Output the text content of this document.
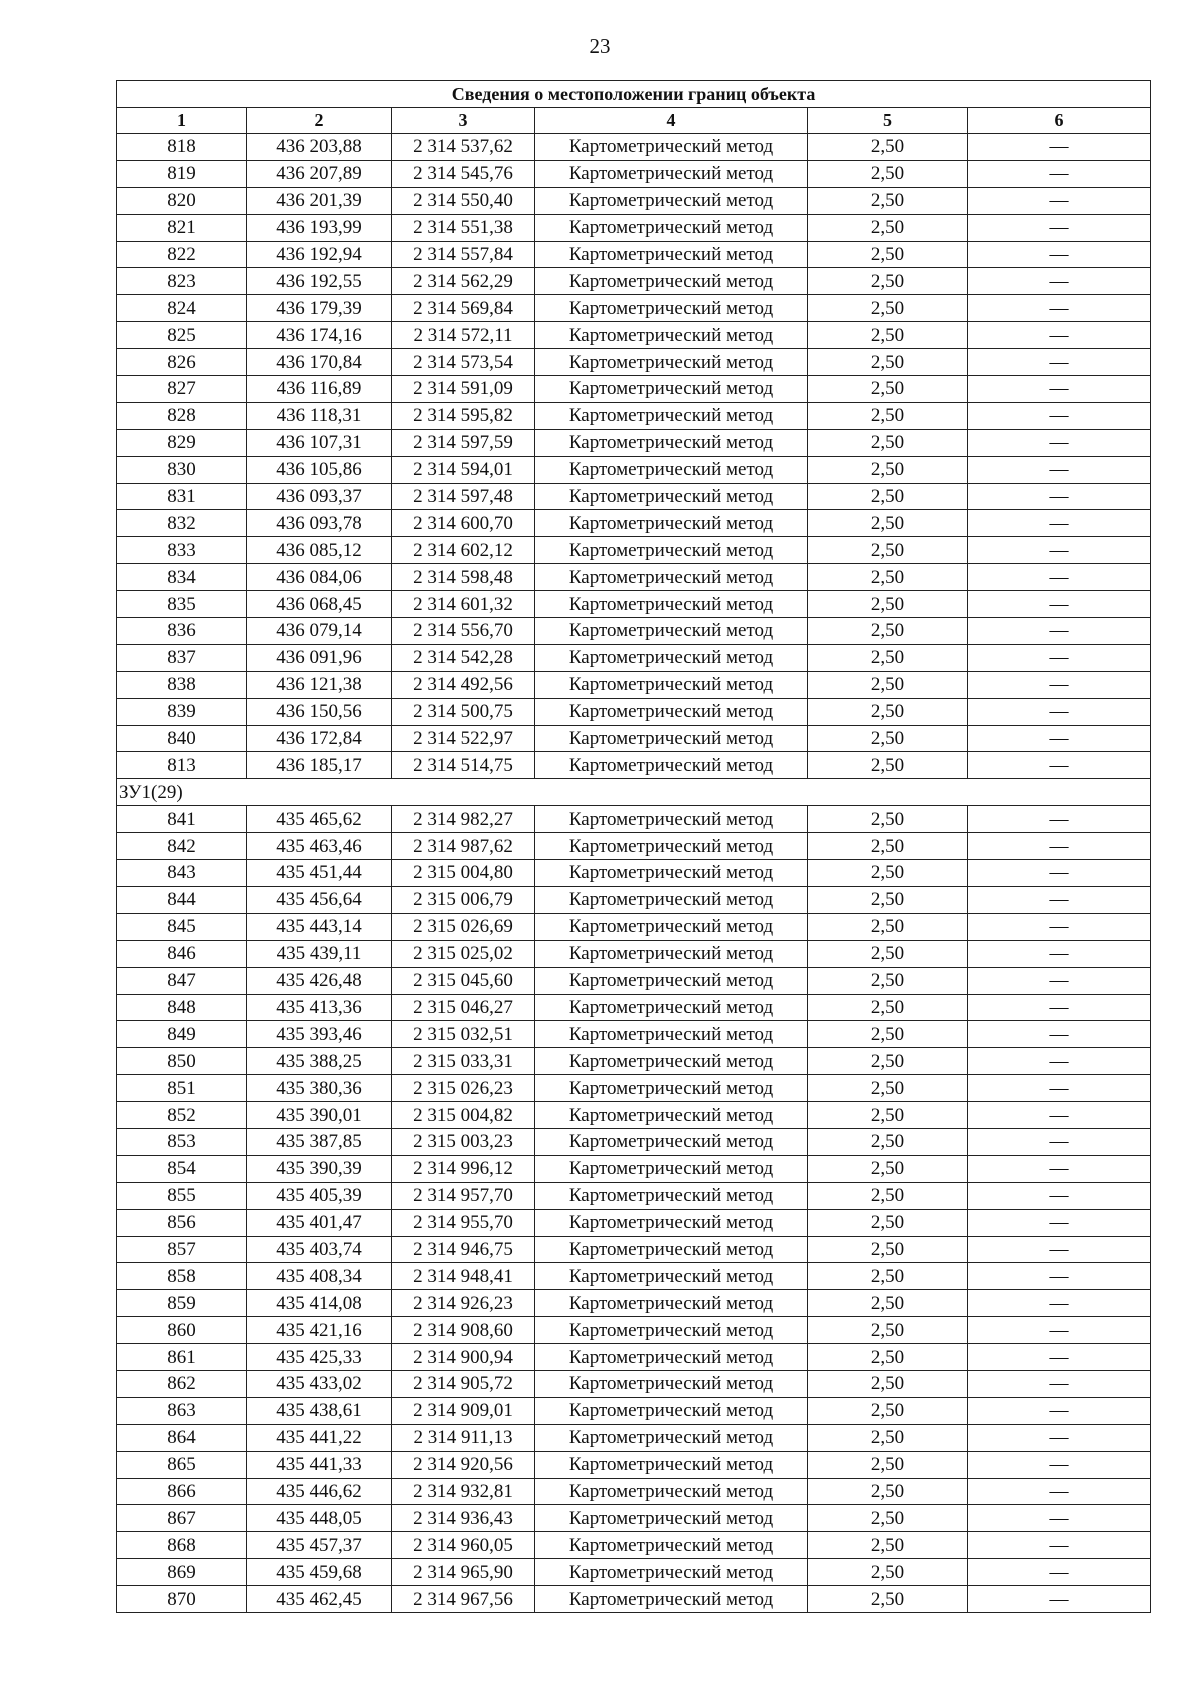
23
Сведения о местоположении границ объекта					
1	2	3	4	5	6
818	436 203,88	2 314 537,62	Картометрический метод	2,50	—
819	436 207,89	2 314 545,76	Картометрический метод	2,50	—
820	436 201,39	2 314 550,40	Картометрический метод	2,50	—
821	436 193,99	2 314 551,38	Картометрический метод	2,50	—
822	436 192,94	2 314 557,84	Картометрический метод	2,50	—
823	436 192,55	2 314 562,29	Картометрический метод	2,50	—
824	436 179,39	2 314 569,84	Картометрический метод	2,50	—
825	436 174,16	2 314 572,11	Картометрический метод	2,50	—
826	436 170,84	2 314 573,54	Картометрический метод	2,50	—
827	436 116,89	2 314 591,09	Картометрический метод	2,50	—
828	436 118,31	2 314 595,82	Картометрический метод	2,50	—
829	436 107,31	2 314 597,59	Картометрический метод	2,50	—
830	436 105,86	2 314 594,01	Картометрический метод	2,50	—
831	436 093,37	2 314 597,48	Картометрический метод	2,50	—
832	436 093,78	2 314 600,70	Картометрический метод	2,50	—
833	436 085,12	2 314 602,12	Картометрический метод	2,50	—
834	436 084,06	2 314 598,48	Картометрический метод	2,50	—
835	436 068,45	2 314 601,32	Картометрический метод	2,50	—
836	436 079,14	2 314 556,70	Картометрический метод	2,50	—
837	436 091,96	2 314 542,28	Картометрический метод	2,50	—
838	436 121,38	2 314 492,56	Картометрический метод	2,50	—
839	436 150,56	2 314 500,75	Картометрический метод	2,50	—
840	436 172,84	2 314 522,97	Картометрический метод	2,50	—
813	436 185,17	2 314 514,75	Картометрический метод	2,50	—
ЗУ1(29)					
841	435 465,62	2 314 982,27	Картометрический метод	2,50	—
842	435 463,46	2 314 987,62	Картометрический метод	2,50	—
843	435 451,44	2 315 004,80	Картометрический метод	2,50	—
844	435 456,64	2 315 006,79	Картометрический метод	2,50	—
845	435 443,14	2 315 026,69	Картометрический метод	2,50	—
846	435 439,11	2 315 025,02	Картометрический метод	2,50	—
847	435 426,48	2 315 045,60	Картометрический метод	2,50	—
848	435 413,36	2 315 046,27	Картометрический метод	2,50	—
849	435 393,46	2 315 032,51	Картометрический метод	2,50	—
850	435 388,25	2 315 033,31	Картометрический метод	2,50	—
851	435 380,36	2 315 026,23	Картометрический метод	2,50	—
852	435 390,01	2 315 004,82	Картометрический метод	2,50	—
853	435 387,85	2 315 003,23	Картометрический метод	2,50	—
854	435 390,39	2 314 996,12	Картометрический метод	2,50	—
855	435 405,39	2 314 957,70	Картометрический метод	2,50	—
856	435 401,47	2 314 955,70	Картометрический метод	2,50	—
857	435 403,74	2 314 946,75	Картометрический метод	2,50	—
858	435 408,34	2 314 948,41	Картометрический метод	2,50	—
859	435 414,08	2 314 926,23	Картометрический метод	2,50	—
860	435 421,16	2 314 908,60	Картометрический метод	2,50	—
861	435 425,33	2 314 900,94	Картометрический метод	2,50	—
862	435 433,02	2 314 905,72	Картометрический метод	2,50	—
863	435 438,61	2 314 909,01	Картометрический метод	2,50	—
864	435 441,22	2 314 911,13	Картометрический метод	2,50	—
865	435 441,33	2 314 920,56	Картометрический метод	2,50	—
866	435 446,62	2 314 932,81	Картометрический метод	2,50	—
867	435 448,05	2 314 936,43	Картометрический метод	2,50	—
868	435 457,37	2 314 960,05	Картометрический метод	2,50	—
869	435 459,68	2 314 965,90	Картометрический метод	2,50	—
870	435 462,45	2 314 967,56	Картометрический метод	2,50	—
